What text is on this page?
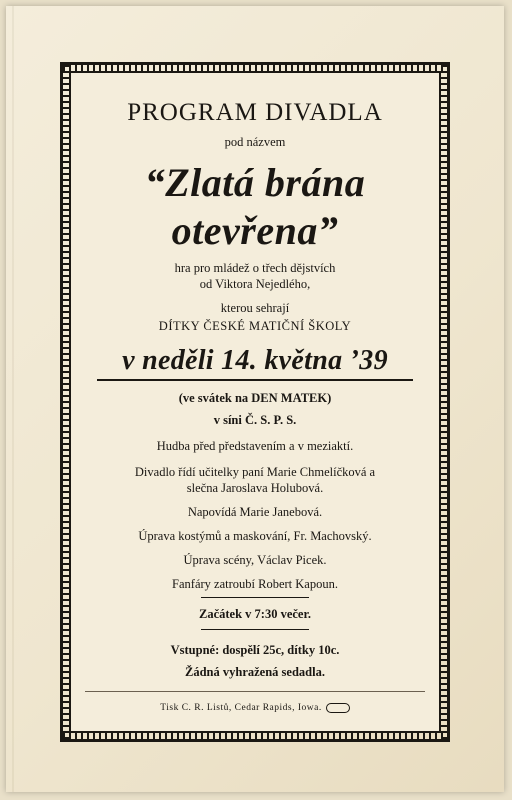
PROGRAM DIVADLA
pod názvem
“Zlatá brána
otevřena”
hra pro mládež o třech dějstvích
od Viktora Nejedlého,
kterou sehrají
DÍTKY ČESKÉ MATIČNÍ ŠKOLY
v neděli 14. května ’39
(ve svátek na DEN MATEK)
v síni Č. S. P. S.
Hudba před představením a v meziaktí.
Divadlo řídí učitelky paní Marie Chmelíčková a
slečna Jaroslava Holubová.
Napovídá Marie Janebová.
Úprava kostýmů a maskování, Fr. Machovský.
Úprava scény, Václav Picek.
Fanfáry zatroubí Robert Kapoun.
Začátek v 7:30 večer.
Vstupné: dospělí 25c, dítky 10c.
Žádná vyhražená sedadla.
Tisk C. R. Listů, Cedar Rapids, Iowa.
